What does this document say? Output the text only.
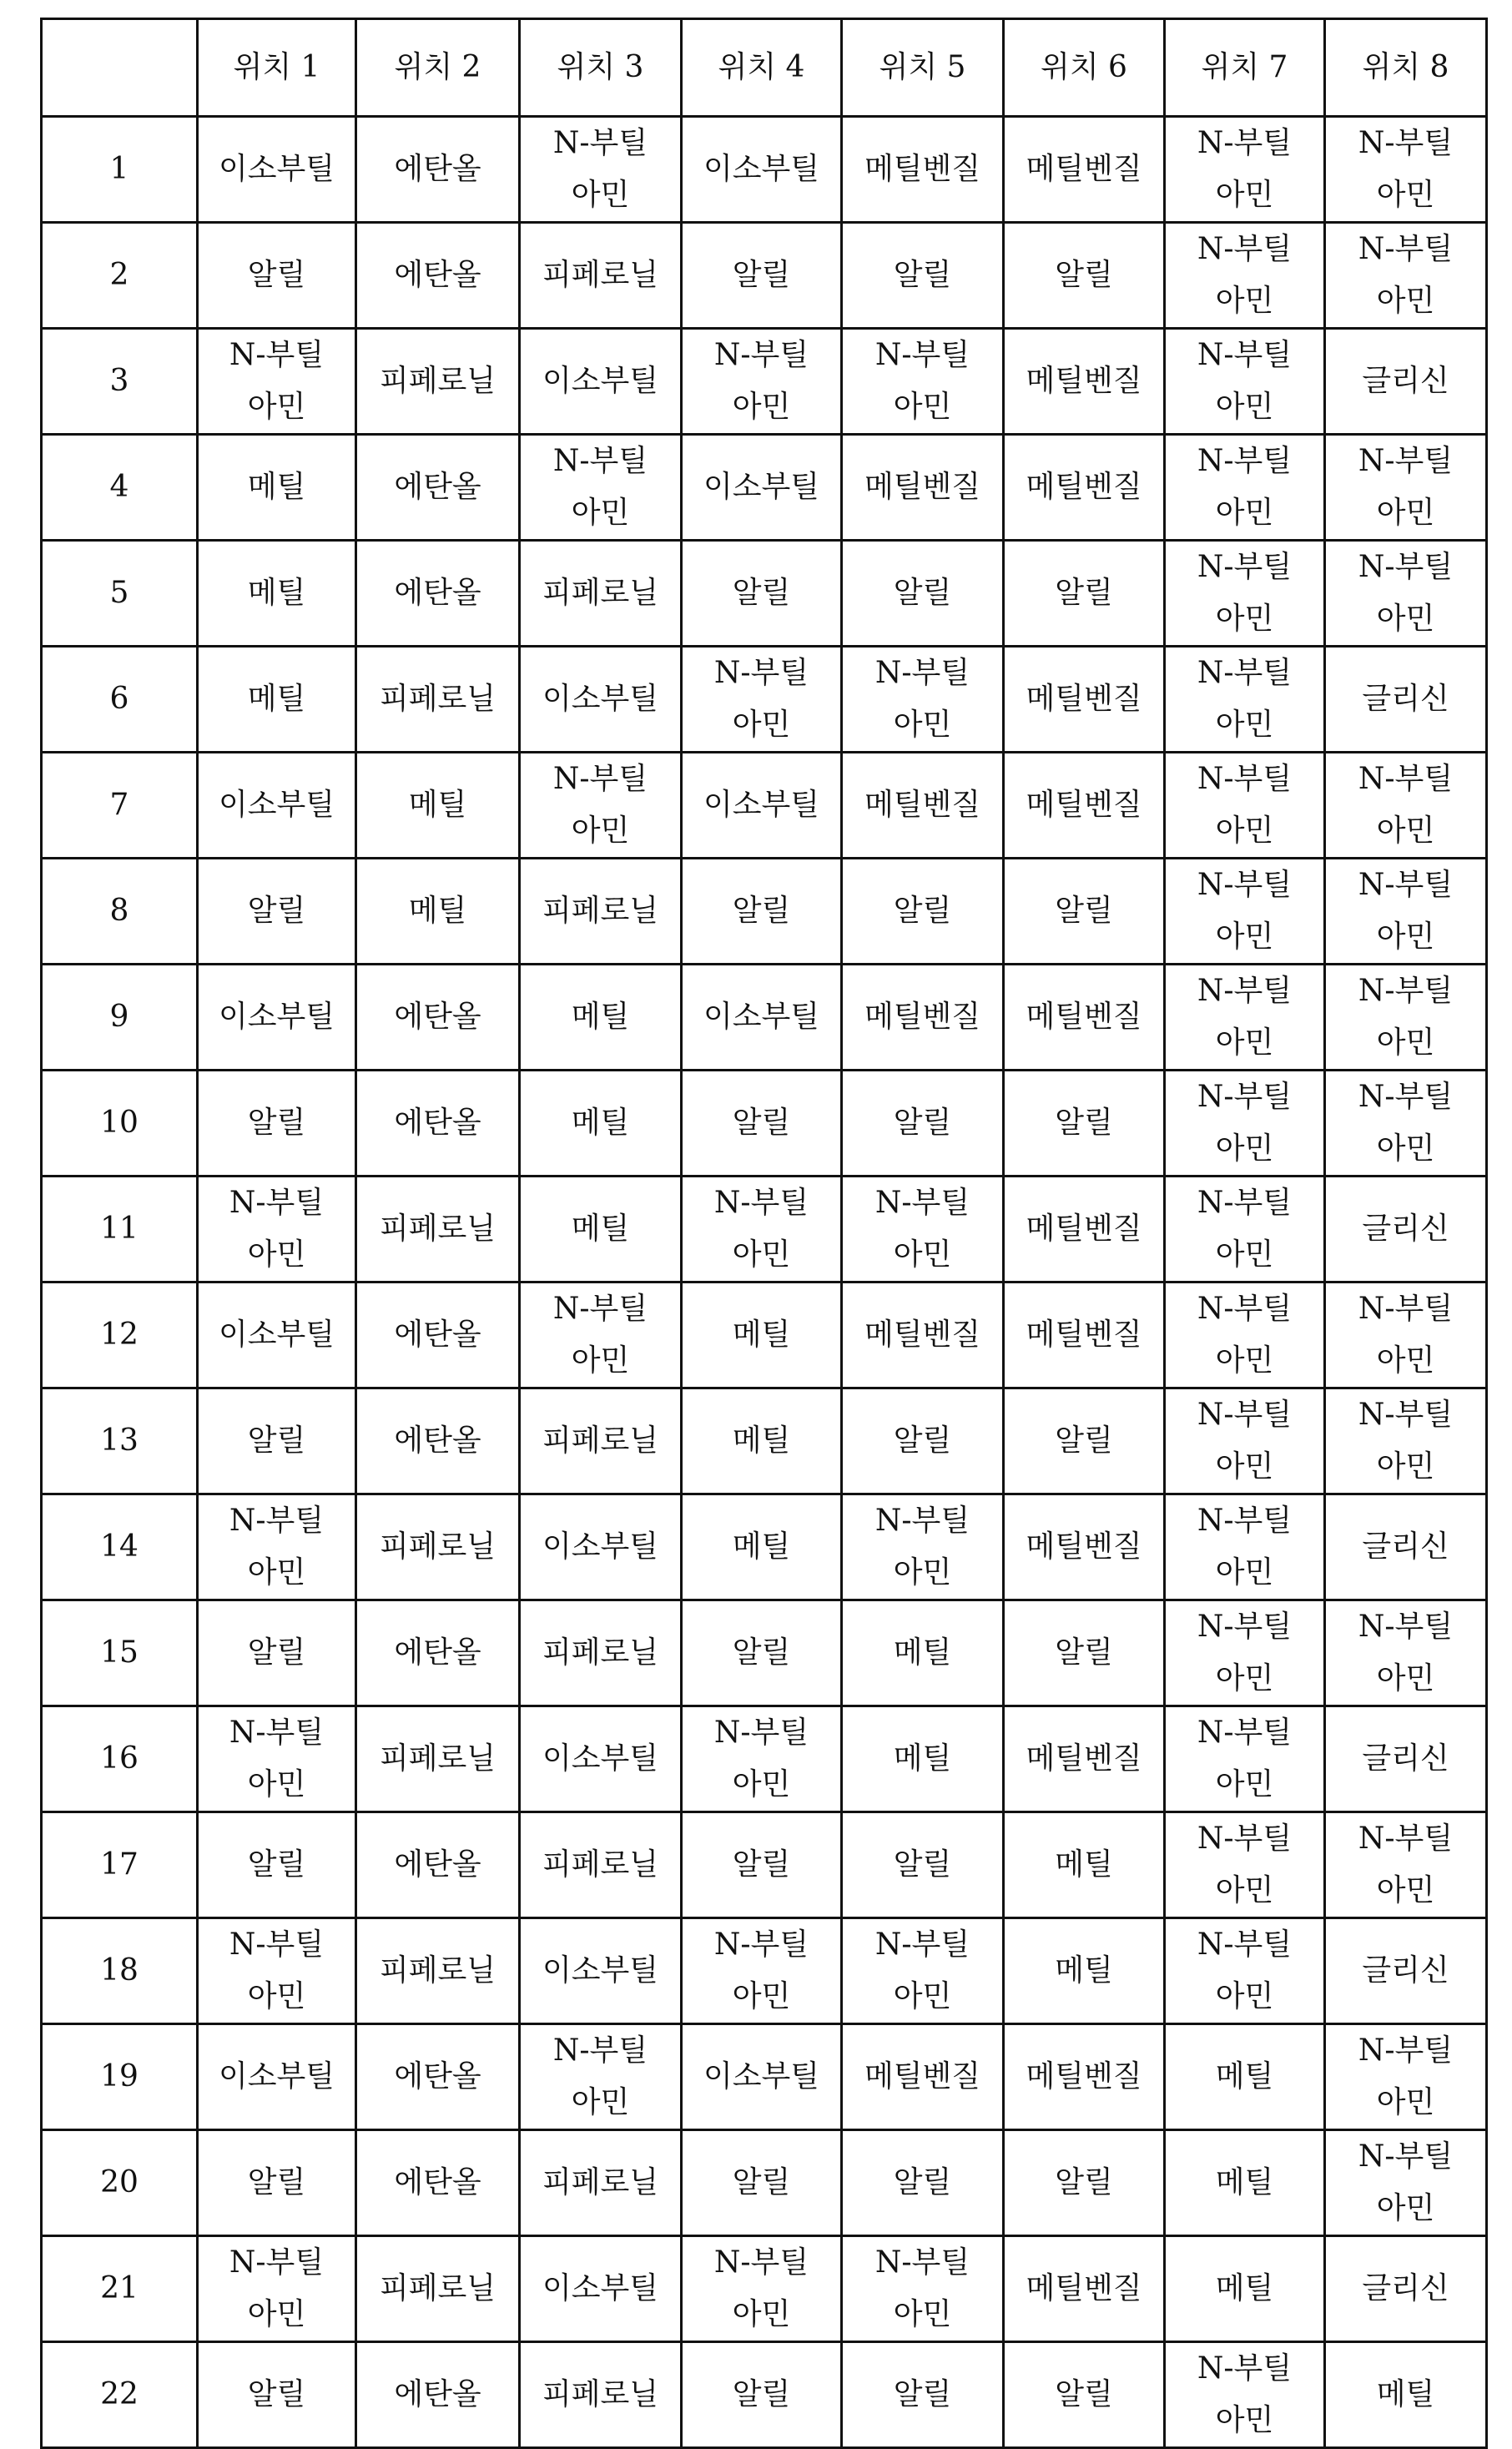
위치 1	위치 2	위치 3	위치 4	위치 5	위치 6	위치 7	위치 8

1	이소부틸	에탄올

N-부틸
아민

이소부틸	메틸벤질	메틸벤질

N-부틸
아민

N-부틸
아민

2	알릴	에탄올	피페로닐	알릴	알릴	알릴

N-부틸
아민

N-부틸
아민

3

N-부틸
아민

피페로닐	이소부틸

N-부틸
아민

N-부틸
아민

메틸벤질

N-부틸
아민

글리신

4	메틸	에탄올

N-부틸
아민

이소부틸	메틸벤질	메틸벤질

N-부틸
아민

N-부틸
아민

5	메틸	에탄올	피페로닐	알릴	알릴	알릴

N-부틸
아민

N-부틸
아민

6	메틸	피페로닐	이소부틸

N-부틸
아민

N-부틸
아민

메틸벤질

N-부틸
아민

글리신

7	이소부틸	메틸

N-부틸
아민

이소부틸	메틸벤질	메틸벤질

N-부틸
아민

N-부틸
아민

8	알릴	메틸	피페로닐	알릴	알릴	알릴

N-부틸
아민

N-부틸
아민

9	이소부틸	에탄올	메틸	이소부틸	메틸벤질	메틸벤질

N-부틸
아민

N-부틸
아민

10	알릴	에탄올	메틸	알릴	알릴	알릴

N-부틸
아민

N-부틸
아민

11

N-부틸
아민

피페로닐	메틸

N-부틸
아민

N-부틸
아민

메틸벤질

N-부틸
아민

글리신

12	이소부틸	에탄올

N-부틸
아민

메틸	메틸벤질	메틸벤질

N-부틸
아민

N-부틸
아민

13	알릴	에탄올	피페로닐	메틸	알릴	알릴

N-부틸
아민

N-부틸
아민

14

N-부틸
아민

피페로닐	이소부틸	메틸

N-부틸
아민

메틸벤질

N-부틸
아민

글리신

15	알릴	에탄올	피페로닐	알릴	메틸	알릴

N-부틸
아민

N-부틸
아민

16

N-부틸
아민

피페로닐	이소부틸

N-부틸
아민

메틸	메틸벤질

N-부틸
아민

글리신

17	알릴	에탄올	피페로닐	알릴	알릴	메틸

N-부틸
아민

N-부틸
아민

18

N-부틸
아민

피페로닐	이소부틸

N-부틸
아민

N-부틸
아민

메틸

N-부틸
아민

글리신

19	이소부틸	에탄올

N-부틸
아민

이소부틸	메틸벤질	메틸벤질	메틸

N-부틸
아민

20	알릴	에탄올	피페로닐	알릴	알릴	알릴	메틸

N-부틸
아민

21

N-부틸
아민

피페로닐	이소부틸

N-부틸
아민

N-부틸
아민

메틸벤질	메틸	글리신

22	알릴	에탄올	피페로닐	알릴	알릴	알릴

N-부틸
아민

메틸
